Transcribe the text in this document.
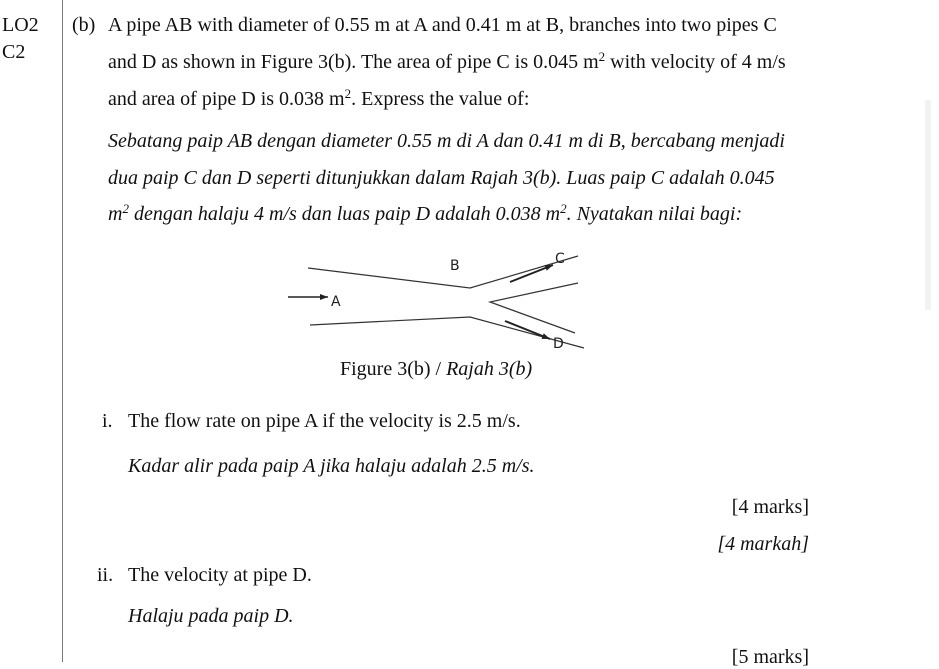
LO2
C2
(b) A pipe AB with diameter of 0.55 m at A and 0.41 m at B, branches into two pipes C
and D as shown in Figure 3(b). The area of pipe C is 0.045 $m^2$ with velocity of 4 m/s
and area of pipe D is 0.038 $m^2$. Express the value of:
Sebatang paip AB dengan diameter 0.55 m di A dan 0.41 m di B, bercabang menjadi
dua paip C dan D seperti ditunjukkan dalam Rajah 3(b). Luas paip C adalah 0.045
$m^2$ dengan halaju 4 m/s dan luas paip D adalah 0.038 $m^2$. Nyatakan nilai bagi:
A
B	C
D
Figure 3(b) / Rajah 3(b)
i. The flow rate on pipe A if the velocity is 2.5 m/s.
Kadar alir pada paip A jika halaju adalah 2.5 m/s.
[4 marks]
[4 markah]
ii. The velocity at pipe D.
Halaju pada paip D.
[5 marks]
